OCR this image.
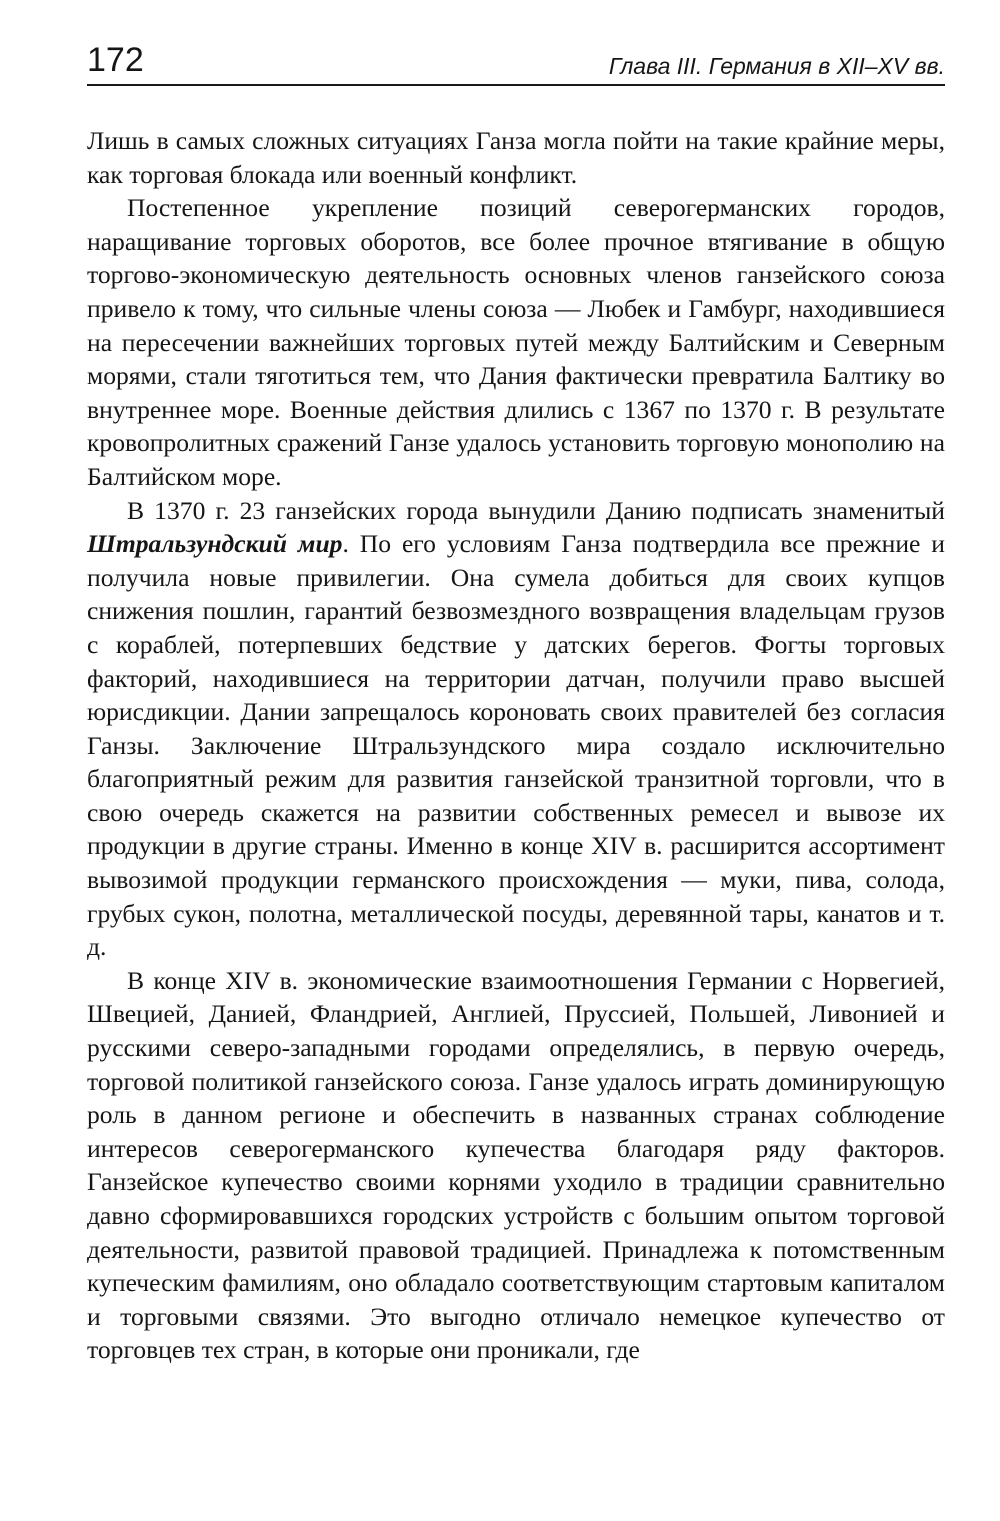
172	Глава III. Германия в XII–XV вв.

Лишь в самых сложных ситуациях Ганза могла пойти на такие крайние меры, как торговая блокада или военный конфликт.

Постепенное укрепление позиций северогерманских городов, наращивание торговых оборотов, все более прочное втягивание в общую торгово-экономическую деятельность основных членов ганзейского союза привело к тому, что сильные члены союза — Любек и Гамбург, находившиеся на пересечении важнейших торговых путей между Балтийским и Северным морями, стали тяготиться тем, что Дания фактически превратила Балтику во внутреннее море. Военные действия длились с 1367 по 1370 г. В результате кровопролитных сражений Ганзе удалось установить торговую монополию на Балтийском море.

В 1370 г. 23 ганзейских города вынудили Данию подписать знаменитый Штральзундский мир. По его условиям Ганза подтвердила все прежние и получила новые привилегии. Она сумела добиться для своих купцов снижения пошлин, гарантий безвозмездного возвращения владельцам грузов с кораблей, потерпевших бедствие у датских берегов. Фогты торговых факторий, находившиеся на территории датчан, получили право высшей юрисдикции. Дании запрещалось короновать своих правителей без согласия Ганзы. Заключение Штральзундского мира создало исключительно благоприятный режим для развития ганзейской транзитной торговли, что в свою очередь скажется на развитии собственных ремесел и вывозе их продукции в другие страны. Именно в конце XIV в. расширится ассортимент вывозимой продукции германского происхождения — муки, пива, солода, грубых сукон, полотна, металлической посуды, деревянной тары, канатов и т. д.

В конце XIV в. экономические взаимоотношения Германии с Норвегией, Швецией, Данией, Фландрией, Англией, Пруссией, Польшей, Ливонией и русскими северо-западными городами определялись, в первую очередь, торговой политикой ганзейского союза. Ганзе удалось играть доминирующую роль в данном регионе и обеспечить в названных странах соблюдение интересов северогерманского купечества благодаря ряду факторов. Ганзейское купечество своими корнями уходило в традиции сравнительно давно сформировавшихся городских устройств с большим опытом торговой деятельности, развитой правовой традицией. Принадлежа к потомственным купеческим фамилиям, оно обладало соответствующим стартовым капиталом и торговыми связями. Это выгодно отличало немецкое купечество от торговцев тех стран, в которые они проникали, где
